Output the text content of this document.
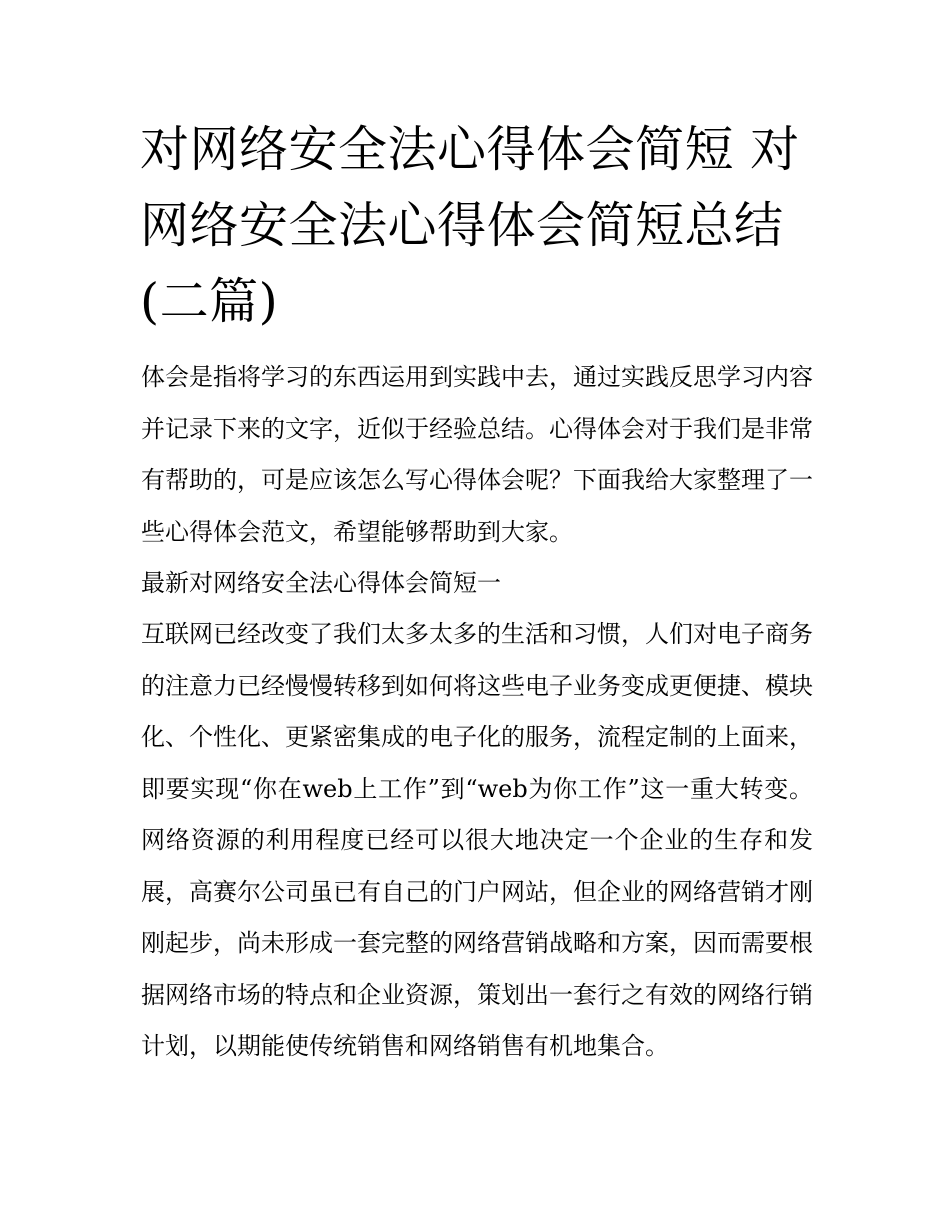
对网络安全法心得体会简短 对网络安全法心得体会简短总结(二篇)

体会是指将学习的东西运用到实践中去，通过实践反思学习内容并记录下来的文字，近似于经验总结。心得体会对于我们是非常有帮助的，可是应该怎么写心得体会呢？下面我给大家整理了一些心得体会范文，希望能够帮助到大家。

最新对网络安全法心得体会简短一

互联网已经改变了我们太多太多的生活和习惯，人们对电子商务的注意力已经慢慢转移到如何将这些电子业务变成更便捷、模块化、个性化、更紧密集成的电子化的服务，流程定制的上面来，即要实现“你在web上工作”到“web为你工作”这一重大转变。网络资源的利用程度已经可以很大地决定一个企业的生存和发展，高赛尔公司虽已有自己的门户网站，但企业的网络营销才刚刚起步，尚未形成一套完整的网络营销战略和方案，因而需要根据网络市场的特点和企业资源，策划出一套行之有效的网络行销计划，以期能使传统销售和网络销售有机地集合。
